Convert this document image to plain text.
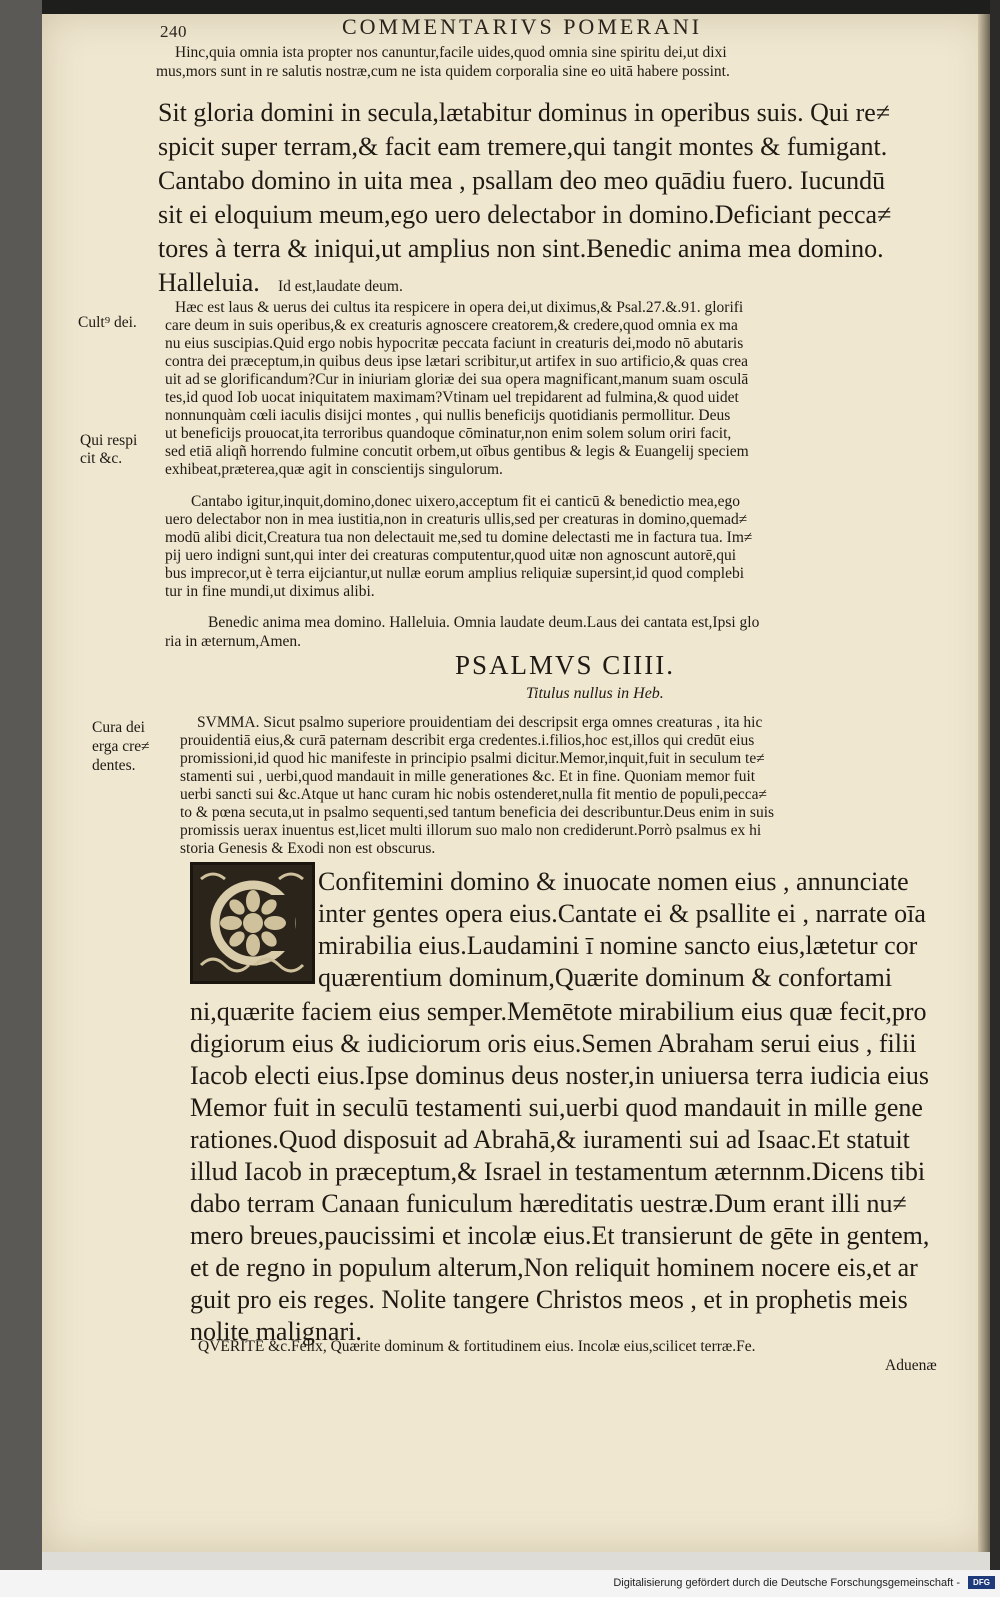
240	COMMENTARIVS POMERANI
Hinc,quia omnia ista propter nos canuntur,facile uides,quod omnia sine spiritu dei,ut dixi
mus,mors sunt in re salutis nostræ,cum ne ista quidem corporalia sine eo uitā habere possint.
Sit gloria domini in secula,lætabitur dominus in operibus suis. Qui re≠
spicit super terram,& facit eam tremere,qui tangit montes & fumigant.
Cantabo domino in uita mea , psallam deo meo quādiu fuero. Iucundū
sit ei eloquium meum,ego uero delectabor in domino.Deficiant pecca≠
tores à terra & iniqui,ut amplius non sint.Benedic anima mea domino.
Halleluia. Id est,laudate deum.
Cult⁹ dei.
Qui respi
cit &c.
Cura dei
erga cre≠
dentes.
Hæc est laus & uerus dei cultus ita respicere in opera dei,ut diximus,& Psal.27.&.91. glorifi
care deum in suis operibus,& ex creaturis agnoscere creatorem,& credere,quod omnia ex ma
nu eius suscipias.Quid ergo nobis hypocritæ peccata faciunt in creaturis dei,modo nō abutaris
contra dei præceptum,in quibus deus ipse lætari scribitur,ut artifex in suo artificio,& quas crea
uit ad se glorificandum?Cur in iniuriam gloriæ dei sua opera magnificant,manum suam osculā
tes,id quod Iob uocat iniquitatem maximam?Vtinam uel trepidarent ad fulmina,& quod uidet
nonnunquàm cœli iaculis disijci montes , qui nullis beneficijs quotidianis permollitur. Deus
ut beneficijs prouocat,ita terroribus quandoque cōminatur,non enim solem solum oriri facit,
sed etiā aliqñ horrendo fulmine concutit orbem,ut oībus gentibus & legis & Euangelij speciem
exhibeat,præterea,quæ agit in conscientijs singulorum.
Cantabo igitur,inquit,domino,donec uixero,acceptum fit ei canticū & benedictio mea,ego
uero delectabor non in mea iustitia,non in creaturis ullis,sed per creaturas in domino,quemad≠
modū alibi dicit,Creatura tua non delectauit me,sed tu domine delectasti me in factura tua. Im≠
pij uero indigni sunt,qui inter dei creaturas computentur,quod uitæ non agnoscunt autorē,qui
bus imprecor,ut è terra eijciantur,ut nullæ eorum amplius reliquiæ supersint,id quod complebi
tur in fine mundi,ut diximus alibi.
Benedic anima mea domino. Halleluia. Omnia laudate deum.Laus dei cantata est,Ipsi glo
ria in æternum,Amen.
PSALMVS CIIII.
Titulus nullus in Heb.
SVMMA. Sicut psalmo superiore prouidentiam dei descripsit erga omnes creaturas , ita hic
prouidentiā eius,& curā paternam describit erga credentes.i.filios,hoc est,illos qui credūt eius
promissioni,id quod hic manifeste in principio psalmi dicitur.Memor,inquit,fuit in seculum te≠
stamenti sui , uerbi,quod mandauit in mille generationes &c. Et in fine. Quoniam memor fuit
uerbi sancti sui &c.Atque ut hanc curam hic nobis ostenderet,nulla fit mentio de populi,pecca≠
to & pœna secuta,ut in psalmo sequenti,sed tantum beneficia dei describuntur.Deus enim in suis
promissis uerax inuentus est,licet multi illorum suo malo non crediderunt.Porrò psalmus ex hi
storia Genesis & Exodi non est obscurus.
Confitemini domino & inuocate nomen eius , annunciate
inter gentes opera eius.Cantate ei & psallite ei , narrate oīa
mirabilia eius.Laudamini ī nomine sancto eius,lætetur cor
quærentium dominum,Quærite dominum & confortami
ni,quærite faciem eius semper.Memētote mirabilium eius quæ fecit,pro
digiorum eius & iudiciorum oris eius.Semen Abraham serui eius , filii
Iacob electi eius.Ipse dominus deus noster,in uniuersa terra iudicia eius
Memor fuit in seculū testamenti sui,uerbi quod mandauit in mille gene
rationes.Quod disposuit ad Abrahā,& iuramenti sui ad Isaac.Et statuit
illud Iacob in præceptum,& Israel in testamentum æternnm.Dicens tibi
dabo terram Canaan funiculum hæreditatis uestræ.Dum erant illi nu≠
mero breues,paucissimi et incolæ eius.Et transierunt de gēte in gentem,
et de regno in populum alterum,Non reliquit hominem nocere eis,et ar
guit pro eis reges. Nolite tangere Christos meos , et in prophetis meis
nolite malignari.
QVERITE &c.Felix, Quærite dominum & fortitudinem eius. Incolæ eius,scilicet terræ.Fe.
Aduenæ
Digitalisierung gefördert durch die Deutsche Forschungsgemeinschaft -	DFG
